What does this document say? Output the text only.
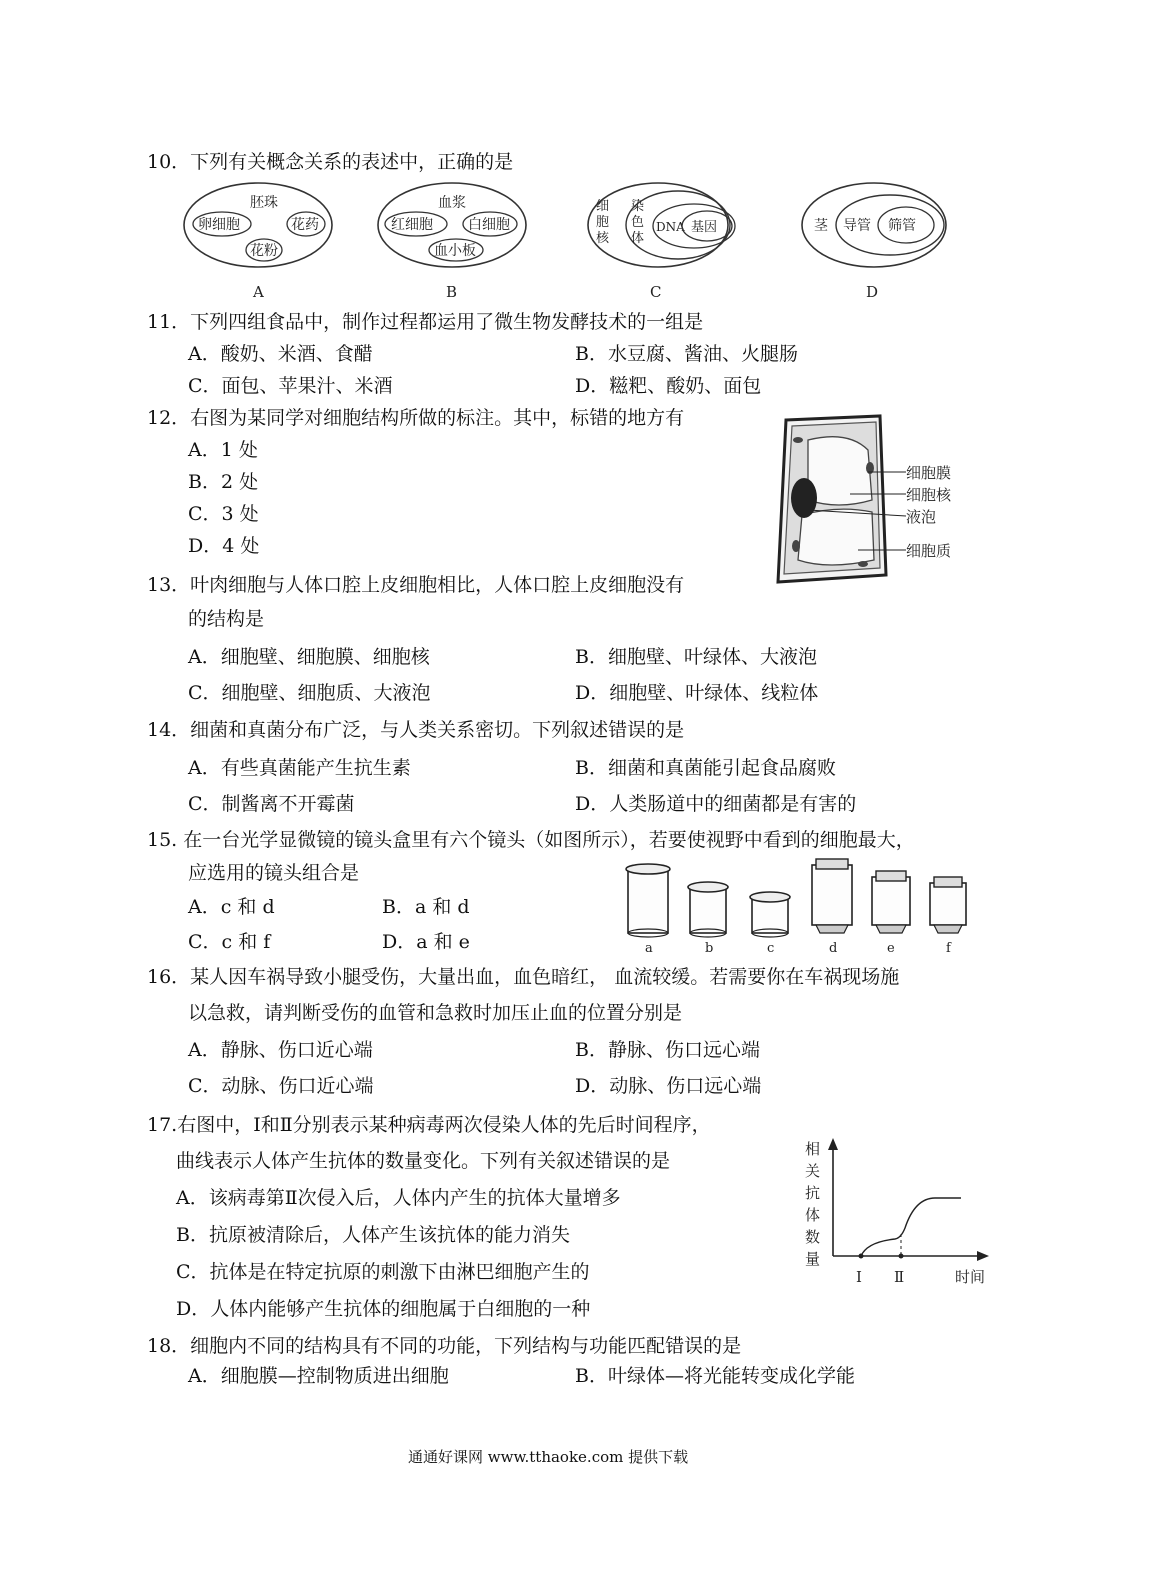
10．下列有关概念关系的表述中，正确的是
胚珠
卵细胞	花药
花粉
血浆
红细胞	白细胞
血小板
细胞核
染色体
DNA 基因	茎 导管 筛管
A	B	C	D
11．下列四组食品中，制作过程都运用了微生物发酵技术的一组是
A．酸奶、米酒、食醋	B．水豆腐、酱油、火腿肠
C．面包、苹果汁、米酒	D．糍粑、酸奶、面包
12．右图为某同学对细胞结构所做的标注。其中，标错的地方有
A．1 处
B．2 处
C．3 处
D．4 处
细胞膜
细胞核
液泡
细胞质
13．叶肉细胞与人体口腔上皮细胞相比，人体口腔上皮细胞没有
的结构是
A．细胞壁、细胞膜、细胞核	B．细胞壁、叶绿体、大液泡
C．细胞壁、细胞质、大液泡	D．细胞壁、叶绿体、线粒体
14．细菌和真菌分布广泛，与人类关系密切。下列叙述错误的是
A．有些真菌能产生抗生素	B．细菌和真菌能引起食品腐败
C．制酱离不开霉菌	D．人类肠道中的细菌都是有害的
15. 在一台光学显微镜的镜头盒里有六个镜头（如图所示），若要使视野中看到的细胞最大，
应选用的镜头组合是
A．c 和 d	B．a 和 d
C．c 和 f	D．a 和 e	a	b	c	d	e	f
16．某人因车祸导致小腿受伤，大量出血，血色暗红， 血流较缓。若需要你在车祸现场施
以急救，请判断受伤的血管和急救时加压止血的位置分别是
A．静脉、伤口近心端	B．静脉、伤口远心端
C．动脉、伤口近心端	D．动脉、伤口远心端
17.右图中，Ⅰ和Ⅱ分别表示某种病毒两次侵染人体的先后时间程序，
曲线表示人体产生抗体的数量变化。下列有关叙述错误的是
A．该病毒第Ⅱ次侵入后，人体内产生的抗体大量增多
B．抗原被清除后，人体产生该抗体的能力消失
C．抗体是在特定抗原的刺激下由淋巴细胞产生的
D．人体内能够产生抗体的细胞属于白细胞的一种
相 关 抗 体 数 量
Ⅰ Ⅱ	时间
18．细胞内不同的结构具有不同的功能，下列结构与功能匹配错误的是
A．细胞膜—控制物质进出细胞	B．叶绿体—将光能转变成化学能
通通好课网 www.tthaoke.com 提供下载
